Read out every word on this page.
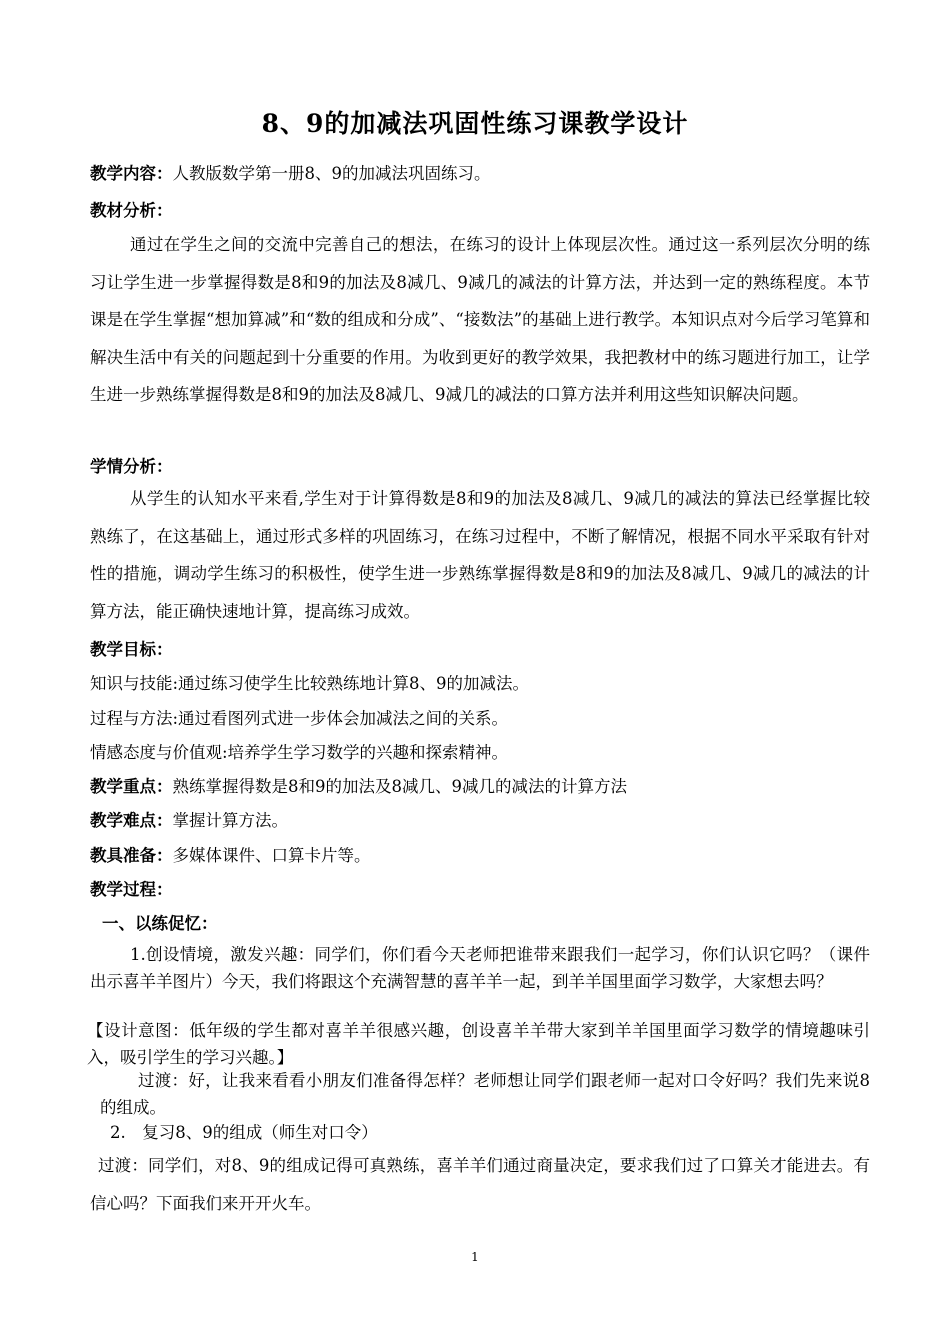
8、9的加减法巩固性练习课教学设计
教学内容：人教版数学第一册8、9的加减法巩固练习。
教材分析：
通过在学生之间的交流中完善自己的想法，在练习的设计上体现层次性。通过这一系列层次分明的练习让学生进一步掌握得数是8和9的加法及8减几、9减几的减法的计算方法，并达到一定的熟练程度。本节课是在学生掌握“想加算减”和“数的组成和分成”、“接数法”的基础上进行教学。本知识点对今后学习笔算和解决生活中有关的问题起到十分重要的作用。为收到更好的教学效果，我把教材中的练习题进行加工，让学生进一步熟练掌握得数是8和9的加法及8减几、9减几的减法的口算方法并利用这些知识解决问题。
学情分析：
从学生的认知水平来看,学生对于计算得数是8和9的加法及8减几、9减几的减法的算法已经掌握比较熟练了，在这基础上，通过形式多样的巩固练习，在练习过程中，不断了解情况，根据不同水平采取有针对性的措施，调动学生练习的积极性，使学生进一步熟练掌握得数是8和9的加法及8减几、9减几的减法的计算方法，能正确快速地计算，提高练习成效。
教学目标：
知识与技能:通过练习使学生比较熟练地计算8、9的加减法。
过程与方法:通过看图列式进一步体会加减法之间的关系。
情感态度与价值观:培养学生学习数学的兴趣和探索精神。
教学重点：熟练掌握得数是8和9的加法及8减几、9减几的减法的计算方法
教学难点：掌握计算方法。
教具准备：多媒体课件、口算卡片等。
教学过程：
一、以练促忆：
1.创设情境，激发兴趣：同学们，你们看今天老师把谁带来跟我们一起学习，你们认识它吗？（课件出示喜羊羊图片）今天，我们将跟这个充满智慧的喜羊羊一起，到羊羊国里面学习数学，大家想去吗？
【设计意图：低年级的学生都对喜羊羊很感兴趣，创设喜羊羊带大家到羊羊国里面学习数学的情境趣味引入，吸引学生的学习兴趣。】
过渡：好，让我来看看小朋友们准备得怎样？老师想让同学们跟老师一起对口令好吗？我们先来说8的组成。
2.　复习8、9的组成（师生对口令）
过渡：同学们，对8、9的组成记得可真熟练，喜羊羊们通过商量决定，要求我们过了口算关才能进去。有信心吗？下面我们来开开火车。
1
